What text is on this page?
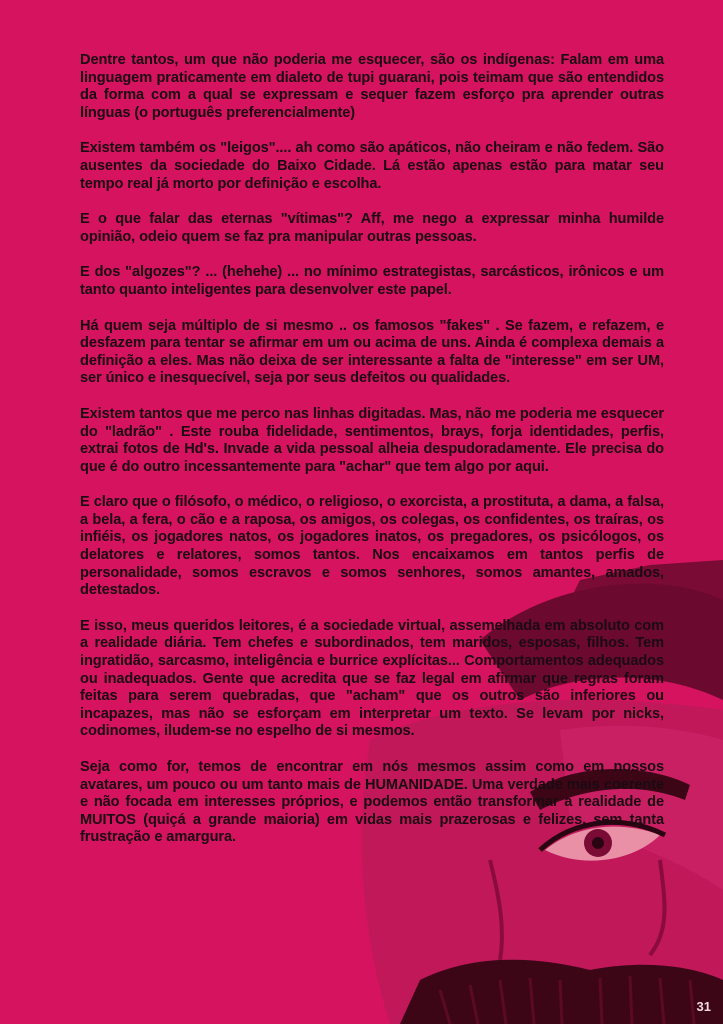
Dentre tantos, um que não poderia me esquecer, são os indígenas: Falam em uma linguagem praticamente em dialeto de tupi guarani, pois teimam que são entendidos da forma com a qual se expressam e sequer fazem esforço pra aprender outras línguas (o português preferencialmente)

Existem também os "leigos".... ah como são apáticos, não cheiram e não fedem. São ausentes da sociedade do Baixo Cidade. Lá estão apenas estão para matar seu tempo real já morto por definição e escolha.

E o que falar das eternas "vítimas"? Aff, me nego a expressar minha humilde opinião, odeio quem se faz pra manipular outras pessoas.

E dos "algozes"? ... (hehehe) ... no mínimo estrategistas, sarcásticos, irônicos e um tanto quanto inteligentes para desenvolver este papel.

Há quem seja múltiplo de si mesmo .. os famosos "fakes" . Se fazem, e refazem, e desfazem para tentar se afirmar em um ou acima de uns. Ainda é complexa demais a definição a eles. Mas não deixa de ser interessante a falta de "interesse" em ser UM, ser único e inesquecível, seja por seus defeitos ou qualidades.

Existem tantos que me perco nas linhas digitadas. Mas, não me poderia me esquecer do "ladrão" . Este rouba fidelidade, sentimentos, brays, forja identidades, perfis, extrai fotos de Hd's. Invade a vida pessoal alheia despudoradamente. Ele precisa do que é do outro incessantemente para "achar" que tem algo por aqui.

E claro que o filósofo, o médico, o religioso, o exorcista, a prostituta, a dama, a falsa, a bela, a fera, o cão e a raposa, os amigos, os colegas, os confidentes, os traíras, os infiéis, os jogadores natos, os jogadores inatos, os pregadores, os psicólogos, os delatores e relatores, somos tantos. Nos encaixamos em tantos perfis de personalidade, somos escravos e somos senhores, somos amantes, amados, detestados.

E isso, meus queridos leitores, é a sociedade virtual, assemelhada em absoluto com a realidade diária. Tem chefes e subordinados, tem maridos, esposas, filhos. Tem ingratidão, sarcasmo, inteligência e burrice explícitas... Comportamentos adequados ou inadequados. Gente que acredita que se faz legal em afirmar que regras foram feitas para serem quebradas, que "acham" que os outros são inferiores ou incapazes, mas não se esforçam em interpretar um texto. Se levam por nicks, codinomes, iludem-se no espelho de si mesmos.

Seja como for, temos de encontrar em nós mesmos assim como em nossos avatares, um pouco ou um tanto mais de HUMANIDADE. Uma verdade mais coerente e não focada em interesses próprios, e podemos então transformar a realidade de MUITOS (quiçá a grande maioria) em vidas mais prazerosas e felizes, sem tanta frustração e amargura.

31
